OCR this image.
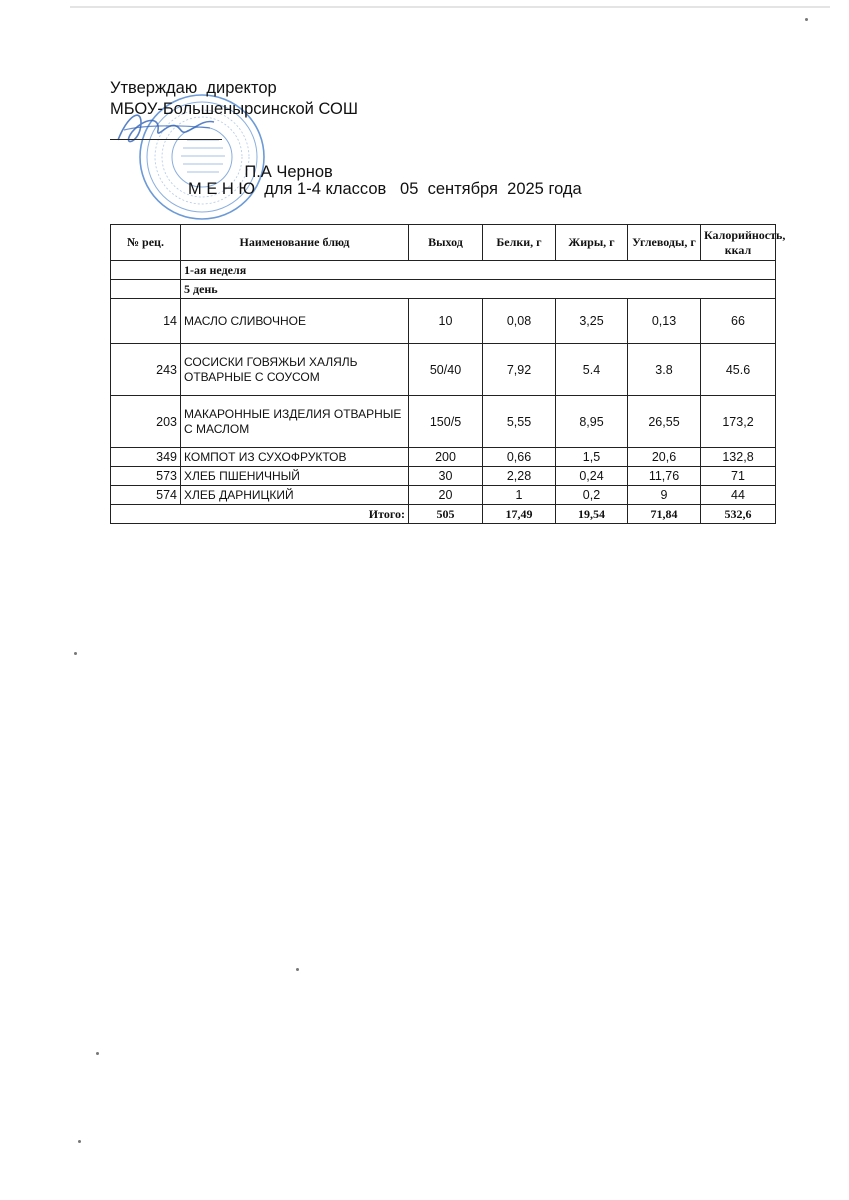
Утверждаю  директор
МБОУ-Большенырсинской СОШ

П.А Чернов

М Е Н Ю  для 1-4 классов   05  сентября  2025 года
№ рец.	Наименование блюд	Выход	Белки, г	Жиры, г	Углеводы, г	Калорийность, ккал
	1-ая неделя					
	5 день					
14	МАСЛО СЛИВОЧНОЕ	10	0,08	3,25	0,13	66
243	СОСИСКИ ГОВЯЖЬИ ХАЛЯЛЬ ОТВАРНЫЕ С СОУСОМ	50/40	7,92	5.4	3.8	45.6
203	МАКАРОННЫЕ ИЗДЕЛИЯ ОТВАРНЫЕ С МАСЛОМ	150/5	5,55	8,95	26,55	173,2
349	КОМПОТ ИЗ СУХОФРУКТОВ	200	0,66	1,5	20,6	132,8
573	ХЛЕБ ПШЕНИЧНЫЙ	30	2,28	0,24	11,76	71
574	ХЛЕБ ДАРНИЦКИЙ	20	1	0,2	9	44
Итого:		505	17,49	19,54	71,84	532,6
